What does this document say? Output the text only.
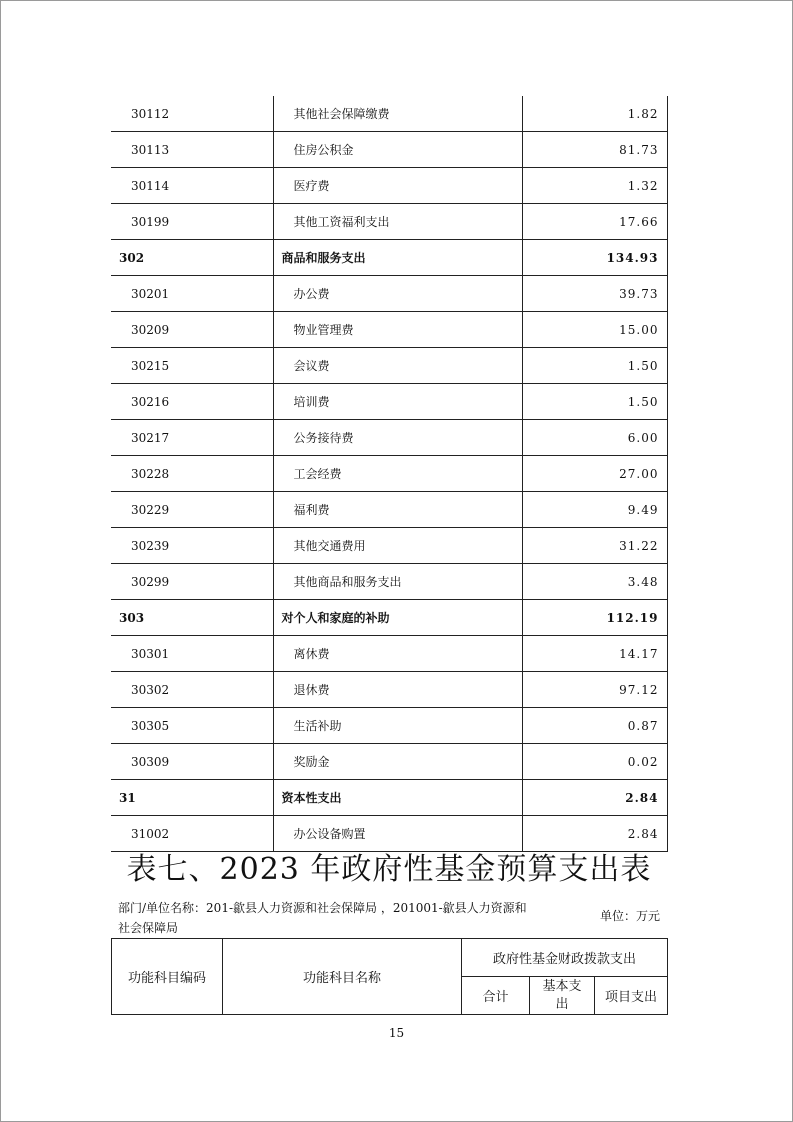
30112	其他社会保障缴费	1.82
30113	住房公积金	81.73
30114	医疗费	1.32
30199	其他工资福利支出	17.66
302	商品和服务支出	134.93
30201	办公费	39.73
30209	物业管理费	15.00
30215	会议费	1.50
30216	培训费	1.50
30217	公务接待费	6.00
30228	工会经费	27.00
30229	福利费	9.49
30239	其他交通费用	31.22
30299	其他商品和服务支出	3.48
303	对个人和家庭的补助	112.19
30301	离休费	14.17
30302	退休费	97.12
30305	生活补助	0.87
30309	奖励金	0.02
31	资本性支出	2.84
31002	办公设备购置	2.84
表七、2023 年政府性基金预算支出表
部门/单位名称：201-歙县人力资源和社会保障局 ，201001-歙县人力资源和
社会保障局
单位：万元
功能科目编码	功能科目名称	政府性基金财政拨款支出		
		合计	基本支出	项目支出
15
